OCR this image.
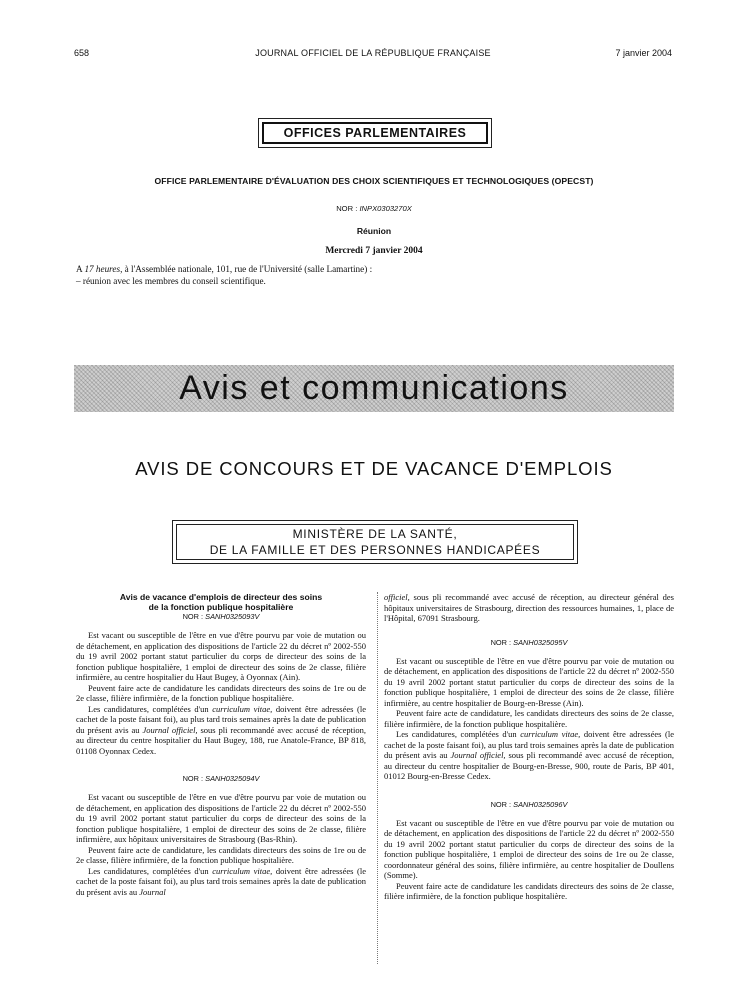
658	JOURNAL OFFICIEL DE LA RÉPUBLIQUE FRANÇAISE	7 janvier 2004
OFFICES PARLEMENTAIRES
OFFICE PARLEMENTAIRE D'ÉVALUATION DES CHOIX SCIENTIFIQUES ET TECHNOLOGIQUES (OPECST)
NOR : INPX0303270X
Réunion
Mercredi 7 janvier 2004
A 17 heures, à l'Assemblée nationale, 101, rue de l'Université (salle Lamartine) :
– réunion avec les membres du conseil scientifique.
Avis et communications
AVIS DE CONCOURS ET DE VACANCE D'EMPLOIS
MINISTÈRE DE LA SANTÉ,
DE LA FAMILLE ET DES PERSONNES HANDICAPÉES
Avis de vacance d'emplois de directeur des soins
de la fonction publique hospitalière
NOR : SANH0325093V

Est vacant ou susceptible de l'être en vue d'être pourvu par voie de mutation ou de détachement, en application des dispositions de l'article 22 du décret nº 2002-550 du 19 avril 2002 portant statut particulier du corps de directeur des soins de la fonction publique hospitalière, 1 emploi de directeur des soins de 2e classe, filière infirmière, au centre hospitalier du Haut Bugey, à Oyonnax (Ain).

Peuvent faire acte de candidature les candidats directeurs des soins de 1re ou de 2e classe, filière infirmière, de la fonction publique hospitalière.

Les candidatures, complétées d'un curriculum vitae, doivent être adressées (le cachet de la poste faisant foi), au plus tard trois semaines après la date de publication du présent avis au Journal officiel, sous pli recommandé avec accusé de réception, au directeur du centre hospitalier du Haut Bugey, 188, rue Anatole-France, BP 818, 01108 Oyonnax Cedex.

NOR : SANH0325094V

Est vacant ou susceptible de l'être en vue d'être pourvu par voie de mutation ou de détachement, en application des dispositions de l'article 22 du décret nº 2002-550 du 19 avril 2002 portant statut particulier du corps de directeur des soins de la fonction publique hospitalière, 1 emploi de directeur des soins de 2e classe, filière infirmière, aux hôpitaux universitaires de Strasbourg (Bas-Rhin).

Peuvent faire acte de candidature, les candidats directeurs des soins de 1re ou de 2e classe, filière infirmière, de la fonction publique hospitalière.

Les candidatures, complétées d'un curriculum vitae, doivent être adressées (le cachet de la poste faisant foi), au plus tard trois semaines après la date de publication du présent avis au Journal

officiel, sous pli recommandé avec accusé de réception, au directeur général des hôpitaux universitaires de Strasbourg, direction des ressources humaines, 1, place de l'Hôpital, 67091 Strasbourg.

NOR : SANH0325095V

Est vacant ou susceptible de l'être en vue d'être pourvu par voie de mutation ou de détachement, en application des dispositions de l'article 22 du décret nº 2002-550 du 19 avril 2002 portant statut particulier du corps de directeur des soins de la fonction publique hospitalière, 1 emploi de directeur des soins de 2e classe, filière infirmière, au centre hospitalier de Bourg-en-Bresse (Ain).

Peuvent faire acte de candidature, les candidats directeurs des soins de 2e classe, filière infirmière, de la fonction publique hospitalière.

Les candidatures, complétées d'un curriculum vitae, doivent être adressées (le cachet de la poste faisant foi), au plus tard trois semaines après la date de publication du présent avis au Journal officiel, sous pli recommandé avec accusé de réception, au directeur du centre hospitalier de Bourg-en-Bresse, 900, route de Paris, BP 401, 01012 Bourg-en-Bresse Cedex.

NOR : SANH0325096V

Est vacant ou susceptible de l'être en vue d'être pourvu par voie de mutation ou de détachement, en application des dispositions de l'article 22 du décret nº 2002-550 du 19 avril 2002 portant statut particulier du corps de directeur des soins de la fonction publique hospitalière, 1 emploi de directeur des soins de 1re ou 2e classe, coordonnateur général des soins, filière infirmière, au centre hospitalier de Doullens (Somme).

Peuvent faire acte de candidature les candidats directeurs des soins de 2e classe, filière infirmière, de la fonction publique hospitalière.
